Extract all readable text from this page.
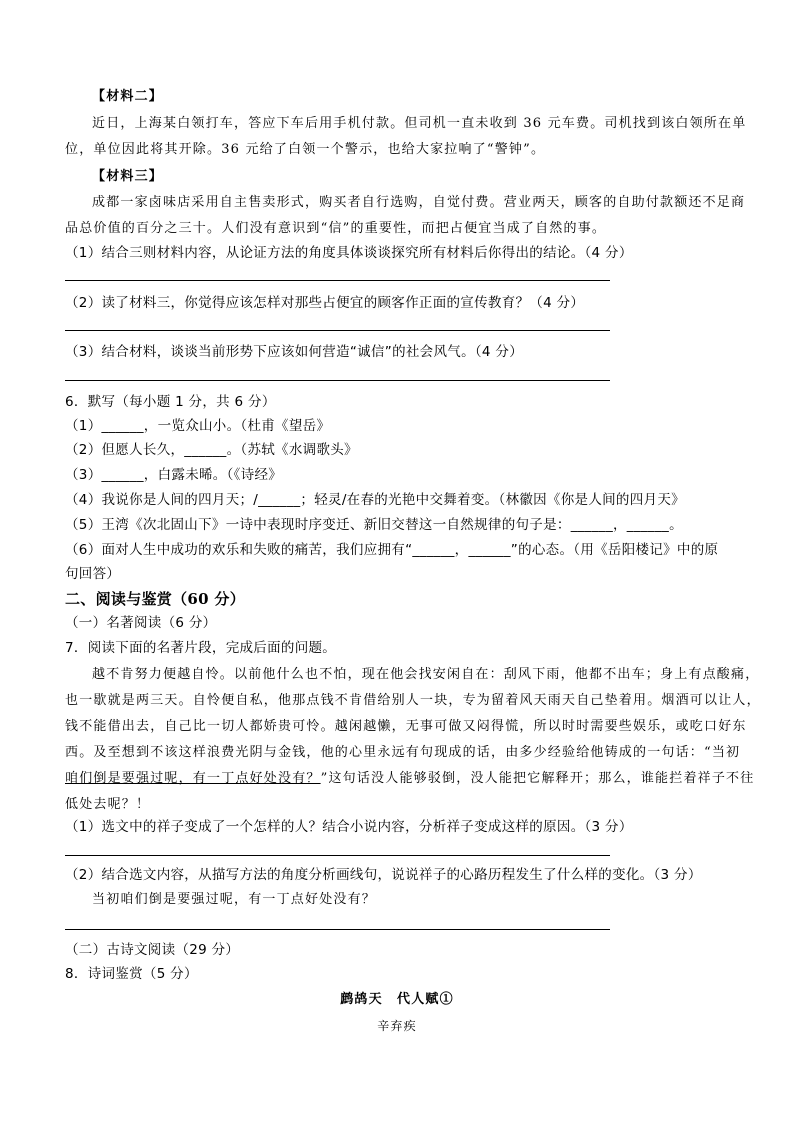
【材料二】
近日，上海某白领打车，答应下车后用手机付款。但司机一直未收到 36 元车费。司机找到该白领所在单
位，单位因此将其开除。36 元给了白领一个警示，也给大家拉响了“警钟”。
【材料三】
成都一家卤味店采用自主售卖形式，购买者自行选购，自觉付费。营业两天，顾客的自助付款额还不足商
品总价值的百分之三十。人们没有意识到“信”的重要性，而把占便宜当成了自然的事。
（1）结合三则材料内容，从论证方法的角度具体谈谈探究所有材料后你得出的结论。（4 分）
（2）读了材料三，你觉得应该怎样对那些占便宜的顾客作正面的宣传教育？（4 分）
（3）结合材料，谈谈当前形势下应该如何营造“诚信”的社会风气。（4 分）
6．默写（每小题 1 分，共 6 分）
（1）______，一览众山小。（杜甫《望岳》
（2）但愿人长久，______。（苏轼《水调歌头》
（3）______，白露未晞。（《诗经》
（4）我说你是人间的四月天；/______；轻灵/在春的光艳中交舞着变。（林徽因《你是人间的四月天》
（5）王湾《次北固山下》一诗中表现时序变迁、新旧交替这一自然规律的句子是：______，______。
（6）面对人生中成功的欢乐和失败的痛苦，我们应拥有“______，______”的心态。（用《岳阳楼记》中的原
句回答）
二、阅读与鉴赏（60 分）
（一）名著阅读（6 分）
7．阅读下面的名著片段，完成后面的问题。
越不肯努力便越自怜。以前他什么也不怕，现在他会找安闲自在：刮风下雨，他都不出车；身上有点酸痛，
也一歇就是两三天。自怜便自私，他那点钱不肯借给别人一块，专为留着风天雨天自己垫着用。烟酒可以让人，
钱不能借出去，自己比一切人都娇贵可怜。越闲越懒，无事可做又闷得慌，所以时时需要些娱乐，或吃口好东
西。及至想到不该这样浪费光阴与金钱，他的心里永远有句现成的话，由多少经验给他铸成的一句话：“当初
咱们倒是要强过呢，有一丁点好处没有？”这句话没人能够驳倒，没人能把它解释开；那么，谁能拦着祥子不往
低处去呢？！
（1）选文中的祥子变成了一个怎样的人？结合小说内容，分析祥子变成这样的原因。（3 分）
（2）结合选文内容，从描写方法的角度分析画线句，说说祥子的心路历程发生了什么样的变化。（3 分）
当初咱们倒是要强过呢，有一丁点好处没有？
（二）古诗文阅读（29 分）
8．诗词鉴赏（5 分）
鹧鸪天　代人赋①
辛弃疾
